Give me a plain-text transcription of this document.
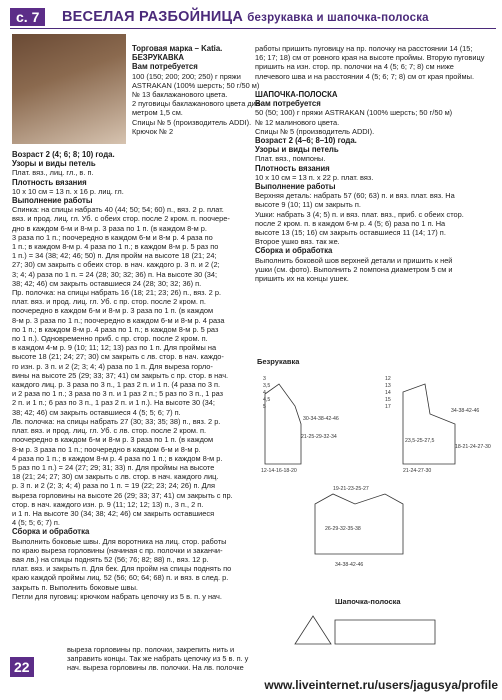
с. 7	ВЕСЕЛАЯ РАЗБОЙНИЦА безрукавка и шапочка-полоска

Торговая марка – Katia.

БЕЗРУКАВКА

Вам потребуется

100 (150; 200; 200; 250) г пряжи

ASTRAKAN (100% шерсть; 50 г/50 м)

№ 13 баклажанового цвета.

2 пуговицы баклажанового цвета диа-

метром 1,5 см.

Спицы № 5 (производитель ADDI).

Крючок № 2

Возраст 2 (4; 6; 8; 10) года.

Узоры и виды петель

Плат. вяз., лиц. гл., в. п.

Плотность вязания

10 х 10 см = 13 п. х 16 р. лиц. гл.

Выполнение работы

Спинка: на спицы набрать 40 (44; 50; 54; 60) п., вяз. 2 р. плат.

вяз. и прод. лиц. гл. Уб. с обеих стор. после 2 кром. п. поочере-

дно в каждом 6-м и 8-м р. 3 раза по 1 п. (в каждом 8-м р.

3 раза по 1 п.; поочередно в каждом 6-м и 8-м р. 4 раза по

1 п.; в каждом 8-м р. 4 раза по 1 п.; в каждом 8-м р. 5 раз по

1 п.) = 34 (38; 42; 46; 50) п. Для пройм на высоте 18 (21; 24;

27; 30) см закрыть с обеих стор. в нач. каждого р. 3 п. и 2 (2;

3; 4; 4) раза по 1 п. = 24 (28; 30; 32; 36) п. На высоте 30 (34;

38; 42; 46) см закрыть оставшиеся 24 (28; 30; 32; 36) п.

Пр. полочка: на спицы набрать 16 (18; 21; 23; 26) п., вяз. 2 р.

плат. вяз. и прод. лиц. гл. Уб. с пр. стор. после 2 кром. п.

поочередно в каждом 6-м и 8-м р. 3 раза по 1 п. (в каждом

8-м р. 3 раза по 1 п.; поочередно в каждом 6-м и 8-м р. 4 раза

по 1 п.; в каждом 8-м р. 4 раза по 1 п.; в каждом 8-м р. 5 раз

по 1 п.). Одновременно приб. с пр. стор. после 2 кром. п.

в каждом 4-м р. 9 (10; 11; 12; 13) раз по 1 п. Для проймы на

высоте 18 (21; 24; 27; 30) см закрыть с лв. стор. в нач. каждо-

го изн. р. 3 п. и 2 (2; 3; 4; 4) раза по 1 п. Для выреза горло-

вины на высоте 25 (29; 33; 37; 41) см закрыть с пр. стор. в нач.

каждого лиц. р. 3 раза по 3 п., 1 раз 2 п. и 1 п. (4 раза по 3 п.

и 2 раза по 1 п.; 3 раза по 3 п. и 1 раз 2 п.; 5 раз по 3 п., 1 раз

2 п. и 1 п.; 6 раз по 3 п., 1 раз 2 п. и 1 п.). На высоте 30 (34;

38; 42; 46) см закрыть оставшиеся 4 (5; 5; 6; 7) п.

Лв. полочка: на спицы набрать 27 (30; 33; 35; 38) п., вяз. 2 р.

плат. вяз. и прод. лиц. гл. Уб. с лв. стор. после 2 кром. п.

поочередно в каждом 6-м и 8-м р. 3 раза по 1 п. (в каждом

8-м р. 3 раза по 1 п.; поочередно в каждом 6-м и 8-м р.

4 раза по 1 п.; в каждом 8-м р. 4 раза по 1 п.; в каждом 8-м р.

5 раз по 1 п.) = 24 (27; 29; 31; 33) п. Для проймы на высоте

18 (21; 24; 27; 30) см закрыть с лв. стор. в нач. каждого лиц.

р. 3 п. и 2 (2; 3; 4; 4) раза по 1 п. = 19 (22; 23; 24; 26) п. Для

выреза горловины на высоте 26 (29; 33; 37; 41) см закрыть с пр.

стор. в нач. каждого изн. р. 9 (11; 12; 12; 13) п., 3 п., 2 п.

и 1 п. На высоте 30 (34; 38; 42; 46) см закрыть оставшиеся

4 (5; 5; 6; 7) п.

Сборка и обработка

Выполнить боковые швы. Для воротника на лиц. стор. работы

по краю выреза горловины (начиная с пр. полочки и заканчи-

вая лв.) на спицы поднять 52 (56; 76; 82; 88) п., вяз. 12 р.

плат. вяз. и закрыть п. Для бек. Для пройм на спицы поднять по

краю каждой проймы лиц. 52 (56; 60; 64; 68) п. и вяз. в след. р.

закрыть п. Выполнить боковые швы.

Петли для пуговиц: крючком набрать цепочку из 5 в. п. у нач.

работы пришить пуговицу на пр. полочку на расстоянии 14 (15;

16; 17; 18) см от ровного края на высоте проймы. Вторую пуговицу

пришить на изн. стор. пр. полочки на 4 (5; 6; 7; 8) см ниже

плечевого шва и на расстоянии 4 (5; 6; 7; 8) см от края проймы.

ШАПОЧКА-ПОЛОСКА

Вам потребуется

50 (50; 100) г пряжи ASTRAKAN (100% шерсть; 50 г/50 м)

№ 12 малинового цвета.

Спицы № 5 (производитель ADDI).

Возраст 2 (4–6; 8–10) года.

Узоры и виды петель

Плат. вяз., помпоны.

Плотность вязания

10 х 10 см = 13 п. х 22 р. плат. вяз.

Выполнение работы

Верхняя деталь: набрать 57 (60; 63) п. и вяз. плат. вяз. На

высоте 9 (10; 11) см закрыть п.

Ушки: набрать 3 (4; 5) п. и вяз. плат. вяз., приб. с обеих стор.

после 2 кром. п. в каждом 6-м р. 4 (5; 6) раза по 1 п. На

высоте 13 (15; 16) см закрыть оставшиеся 11 (14; 17) п.

Второе ушко вяз. так же.

Сборка и обработка

Выполнить боковой шов верхней детали и пришить к ней

ушки (см. фото). Выполнить 2 помпона диаметром 5 см и

пришить их на концы ушек.

выреза горловины пр. полочки, закрепить нить и

заправить концы. Так же набрать цепочку из 5 в. п. у

нач. выреза горловины лв. полочки. На лв. полочке

Безрукавка
Шапочка-полоска
3
3,5
4
4,5
5
12
13
14
15
17
30-34-38-42-46
21-25-29-32-34
12-14-16-18-20
34-38-42-46
18-21-24-27-30
23,5-25-27,5
21-24-27-30
19-21-23-25-27
26-29-32-35-38
34-38-42-46
22
www.liveinternet.ru/users/jagusya/profile
